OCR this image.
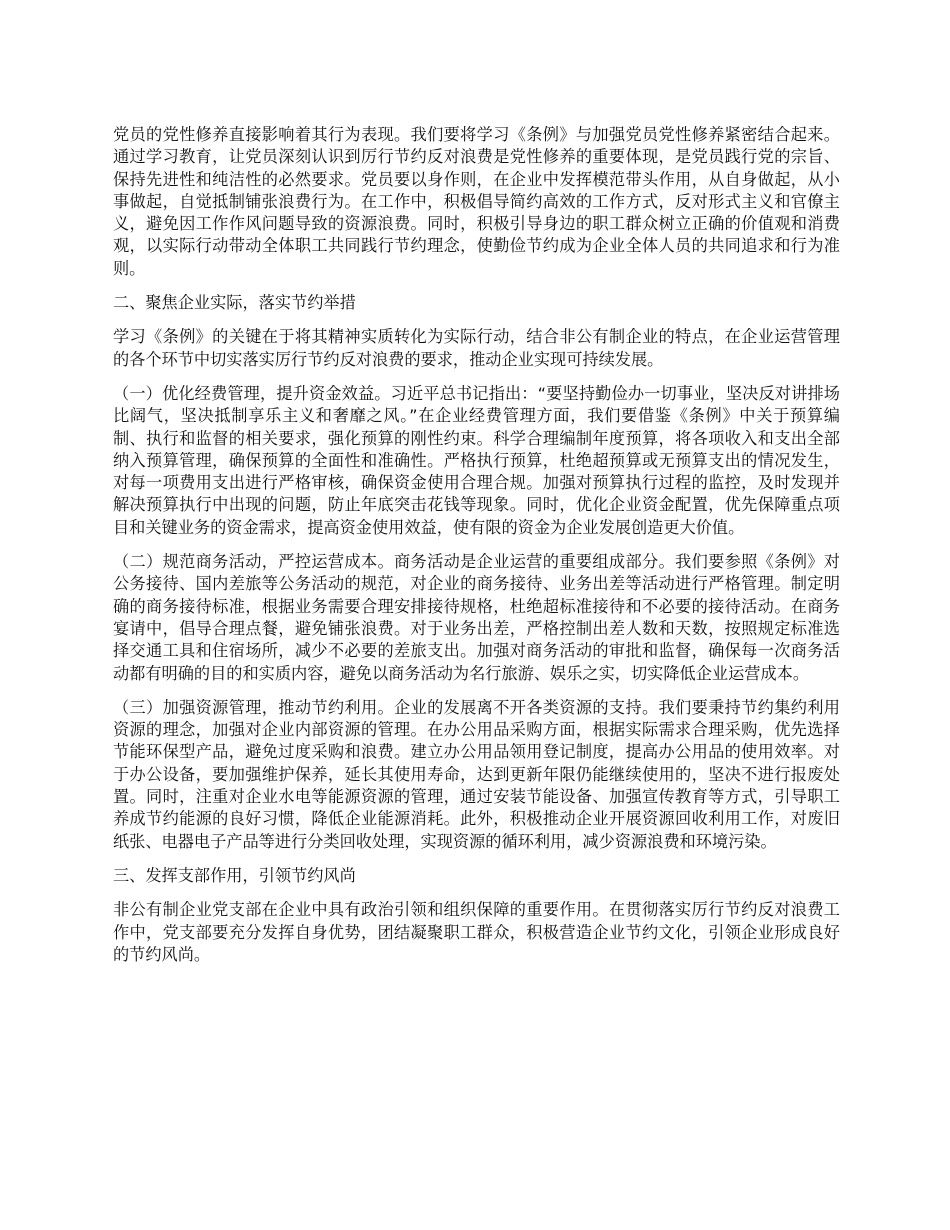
党员的党性修养直接影响着其行为表现。我们要将学习《条例》与加强党员党性修养紧密结合起来。通过学习教育，让党员深刻认识到厉行节约反对浪费是党性修养的重要体现，是党员践行党的宗旨、保持先进性和纯洁性的必然要求。党员要以身作则，在企业中发挥模范带头作用，从自身做起，从小事做起，自觉抵制铺张浪费行为。在工作中，积极倡导简约高效的工作方式，反对形式主义和官僚主义，避免因工作作风问题导致的资源浪费。同时，积极引导身边的职工群众树立正确的价值观和消费观，以实际行动带动全体职工共同践行节约理念，使勤俭节约成为企业全体人员的共同追求和行为准则。

二、聚焦企业实际，落实节约举措

学习《条例》的关键在于将其精神实质转化为实际行动，结合非公有制企业的特点，在企业运营管理的各个环节中切实落实厉行节约反对浪费的要求，推动企业实现可持续发展。

（一）优化经费管理，提升资金效益。习近平总书记指出：“要坚持勤俭办一切事业，坚决反对讲排场比阔气，坚决抵制享乐主义和奢靡之风。”在企业经费管理方面，我们要借鉴《条例》中关于预算编制、执行和监督的相关要求，强化预算的刚性约束。科学合理编制年度预算，将各项收入和支出全部纳入预算管理，确保预算的全面性和准确性。严格执行预算，杜绝超预算或无预算支出的情况发生，对每一项费用支出进行严格审核，确保资金使用合理合规。加强对预算执行过程的监控，及时发现并解决预算执行中出现的问题，防止年底突击花钱等现象。同时，优化企业资金配置，优先保障重点项目和关键业务的资金需求，提高资金使用效益，使有限的资金为企业发展创造更大价值。

（二）规范商务活动，严控运营成本。商务活动是企业运营的重要组成部分。我们要参照《条例》对公务接待、国内差旅等公务活动的规范，对企业的商务接待、业务出差等活动进行严格管理。制定明确的商务接待标准，根据业务需要合理安排接待规格，杜绝超标准接待和不必要的接待活动。在商务宴请中，倡导合理点餐，避免铺张浪费。对于业务出差，严格控制出差人数和天数，按照规定标准选择交通工具和住宿场所，减少不必要的差旅支出。加强对商务活动的审批和监督，确保每一次商务活动都有明确的目的和实质内容，避免以商务活动为名行旅游、娱乐之实，切实降低企业运营成本。

（三）加强资源管理，推动节约利用。企业的发展离不开各类资源的支持。我们要秉持节约集约利用资源的理念，加强对企业内部资源的管理。在办公用品采购方面，根据实际需求合理采购，优先选择节能环保型产品，避免过度采购和浪费。建立办公用品领用登记制度，提高办公用品的使用效率。对于办公设备，要加强维护保养，延长其使用寿命，达到更新年限仍能继续使用的，坚决不进行报废处置。同时，注重对企业水电等能源资源的管理，通过安装节能设备、加强宣传教育等方式，引导职工养成节约能源的良好习惯，降低企业能源消耗。此外，积极推动企业开展资源回收利用工作，对废旧纸张、电器电子产品等进行分类回收处理，实现资源的循环利用，减少资源浪费和环境污染。

三、发挥支部作用，引领节约风尚

非公有制企业党支部在企业中具有政治引领和组织保障的重要作用。在贯彻落实厉行节约反对浪费工作中，党支部要充分发挥自身优势，团结凝聚职工群众，积极营造企业节约文化，引领企业形成良好的节约风尚。
